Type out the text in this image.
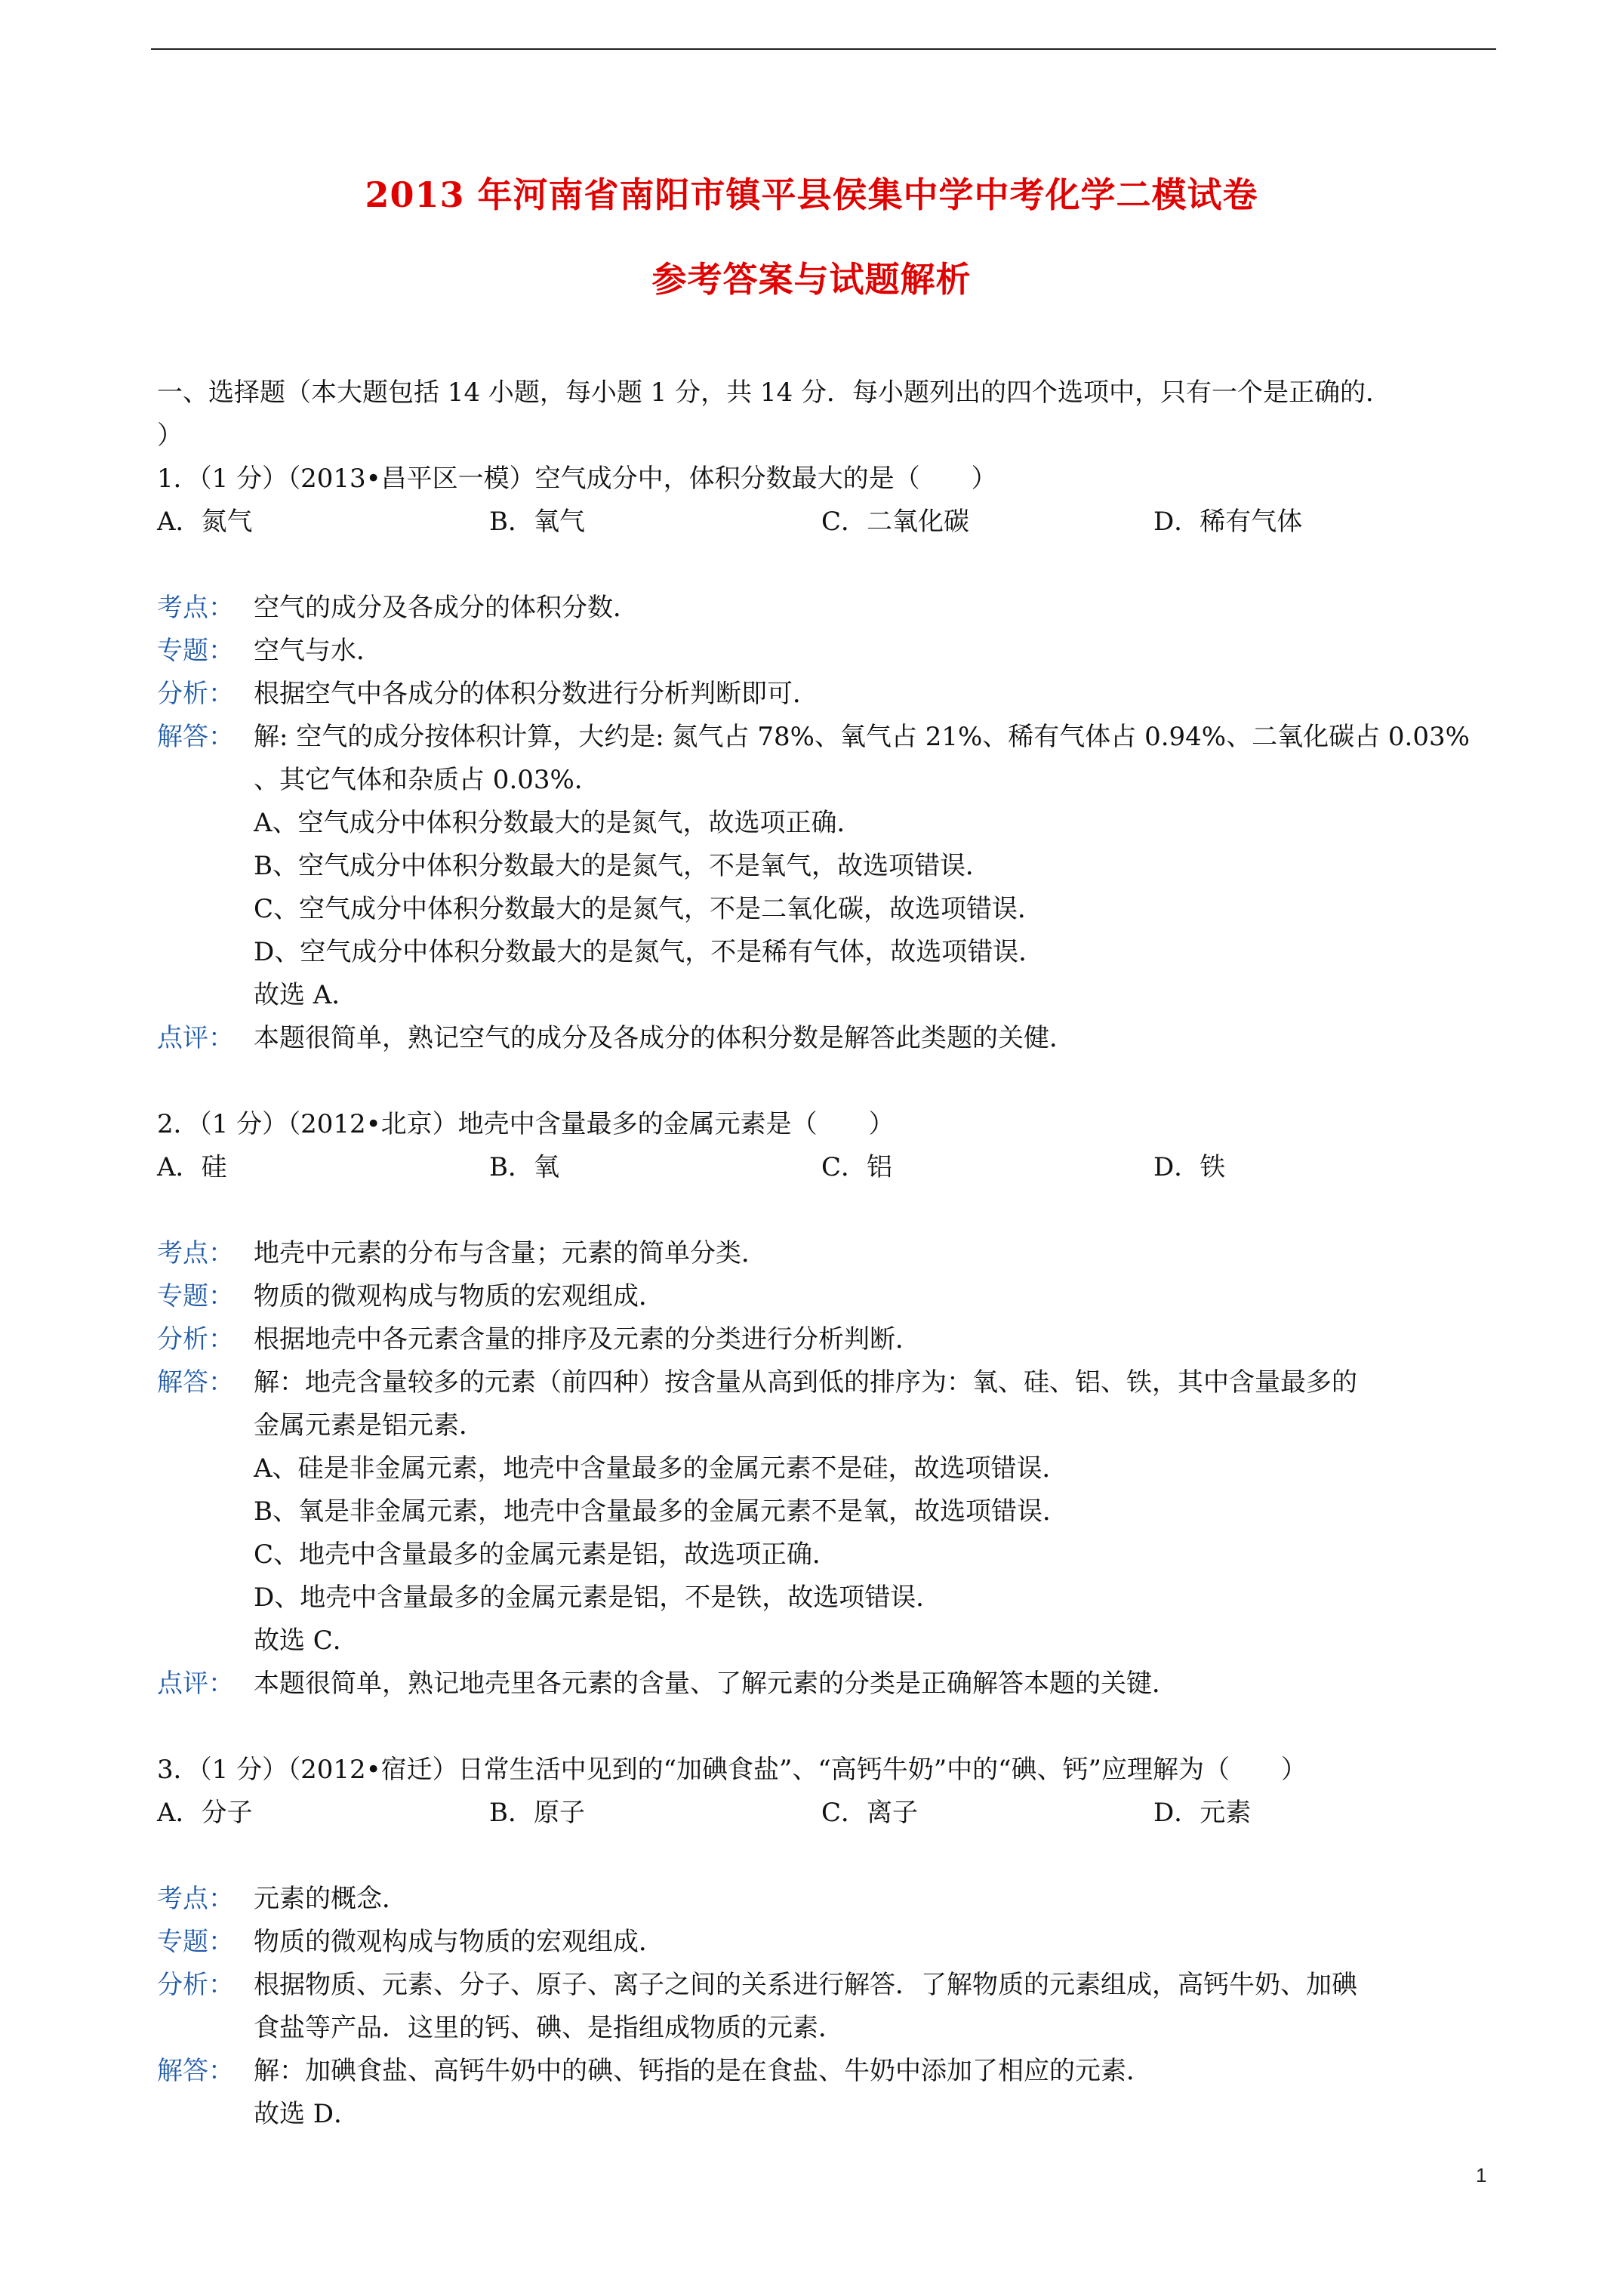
2013 年河南省南阳市镇平县侯集中学中考化学二模试卷
参考答案与试题解析
一、选择题（本大题包括 14 小题，每小题 1 分，共 14 分．每小题列出的四个选项中，只有一个是正确的．
）
1．（1 分）（2013•昌平区一模）空气成分中，体积分数最大的是（　　）
A．氮气	B．氧气	C．二氧化碳	D．稀有气体
考点： 空气的成分及各成分的体积分数．
专题： 空气与水．
分析： 根据空气中各成分的体积分数进行分析判断即可．
解答： 解: 空气的成分按体积计算，大约是: 氮气占 78%、氧气占 21%、稀有气体占 0.94%、二氧化碳占 0.03%
、其它气体和杂质占 0.03%．
A、空气成分中体积分数最大的是氮气，故选项正确．
B、空气成分中体积分数最大的是氮气，不是氧气，故选项错误．
C、空气成分中体积分数最大的是氮气，不是二氧化碳，故选项错误．
D、空气成分中体积分数最大的是氮气，不是稀有气体，故选项错误．
故选 A．
点评： 本题很简单，熟记空气的成分及各成分的体积分数是解答此类题的关健．
2．（1 分）（2012•北京）地壳中含量最多的金属元素是（　　）
A．硅	B．氧	C．铝	D．铁
考点： 地壳中元素的分布与含量；元素的简单分类．
专题： 物质的微观构成与物质的宏观组成．
分析： 根据地壳中各元素含量的排序及元素的分类进行分析判断．
解答： 解：地壳含量较多的元素（前四种）按含量从高到低的排序为：氧、硅、铝、铁，其中含量最多的
金属元素是铝元素．
A、硅是非金属元素，地壳中含量最多的金属元素不是硅，故选项错误．
B、氧是非金属元素，地壳中含量最多的金属元素不是氧，故选项错误．
C、地壳中含量最多的金属元素是铝，故选项正确．
D、地壳中含量最多的金属元素是铝，不是铁，故选项错误．
故选 C．
点评： 本题很简单，熟记地壳里各元素的含量、了解元素的分类是正确解答本题的关键．
3．（1 分）（2012•宿迁）日常生活中见到的“加碘食盐”、“高钙牛奶”中的“碘、钙”应理解为（　　）
A．分子	B．原子	C．离子	D．元素
考点： 元素的概念．
专题： 物质的微观构成与物质的宏观组成．
分析： 根据物质、元素、分子、原子、离子之间的关系进行解答．了解物质的元素组成，高钙牛奶、加碘
食盐等产品．这里的钙、碘、是指组成物质的元素．
解答： 解：加碘食盐、高钙牛奶中的碘、钙指的是在食盐、牛奶中添加了相应的元素．
故选 D．
1
